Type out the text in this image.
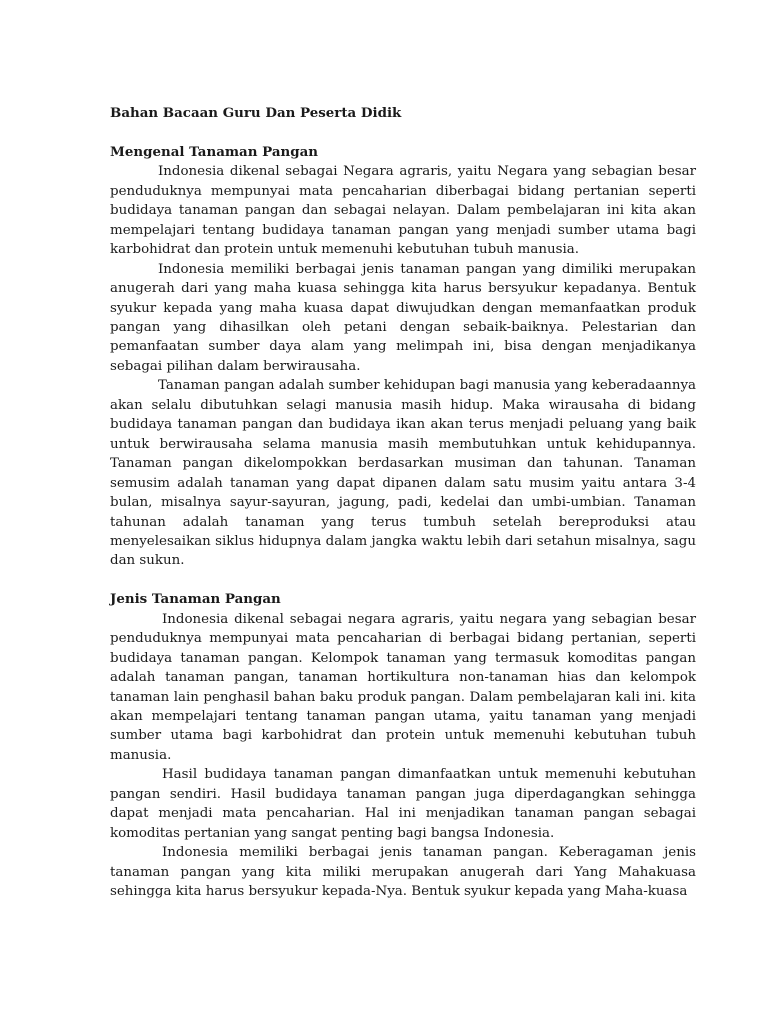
Bahan Bacaan Guru Dan Peserta Didik
Mengenal Tanaman Pangan

Indonesia dikenal sebagai Negara agraris, yaitu Negara yang sebagian besar penduduknya mempunyai mata pencaharian diberbagai bidang pertanian seperti budidaya tanaman pangan dan sebagai nelayan. Dalam pembelajaran ini kita akan mempelajari tentang budidaya tanaman pangan yang menjadi sumber utama bagi karbohidrat dan protein untuk memenuhi kebutuhan tubuh manusia.

Indonesia memiliki berbagai jenis tanaman pangan yang dimiliki merupakan anugerah dari yang maha kuasa sehingga kita harus bersyukur kepadanya. Bentuk syukur kepada yang maha kuasa dapat diwujudkan dengan memanfaatkan produk pangan yang dihasilkan oleh petani dengan sebaik-baiknya. Pelestarian dan pemanfaatan sumber daya alam yang melimpah ini, bisa dengan menjadikanya sebagai pilihan dalam berwirausaha.

Tanaman pangan adalah sumber kehidupan bagi manusia yang keberadaannya akan selalu dibutuhkan selagi manusia masih hidup. Maka wirausaha di bidang budidaya tanaman pangan dan budidaya ikan akan terus menjadi peluang yang baik untuk berwirausaha selama manusia masih membutuhkan untuk kehidupannya. Tanaman pangan dikelompokkan berdasarkan musiman dan tahunan. Tanaman semusim adalah tanaman yang dapat dipanen dalam satu musim yaitu antara 3-4 bulan, misalnya sayur-sayuran, jagung, padi, kedelai dan umbi-umbian. Tanaman tahunan adalah tanaman yang terus tumbuh setelah bereproduksi atau menyelesaikan siklus hidupnya dalam jangka waktu lebih dari setahun misalnya, sagu dan sukun.

Jenis Tanaman Pangan

Indonesia dikenal sebagai negara agraris, yaitu negara yang sebagian besar penduduknya mempunyai mata pencaharian di berbagai bidang pertanian, seperti budidaya tanaman pangan. Kelompok tanaman yang termasuk komoditas pangan adalah tanaman pangan, tanaman hortikultura non-tanaman hias dan kelompok tanaman lain penghasil bahan baku produk pangan. Dalam pembelajaran kali ini. kita akan mempelajari tentang tanaman pangan utama, yaitu tanaman yang menjadi sumber utama bagi karbohidrat dan protein untuk memenuhi kebutuhan tubuh manusia.

Hasil budidaya tanaman pangan dimanfaatkan untuk memenuhi kebutuhan pangan sendiri. Hasil budidaya tanaman pangan juga diperdagangkan sehingga dapat menjadi mata pencaharian. Hal ini menjadikan tanaman pangan sebagai komoditas pertanian yang sangat penting bagi bangsa Indonesia.

Indonesia memiliki berbagai jenis tanaman pangan. Keberagaman jenis tanaman pangan yang kita miliki merupakan anugerah dari Yang Mahakuasa sehingga kita harus bersyukur kepada-Nya. Bentuk syukur kepada yang Maha-kuasa
